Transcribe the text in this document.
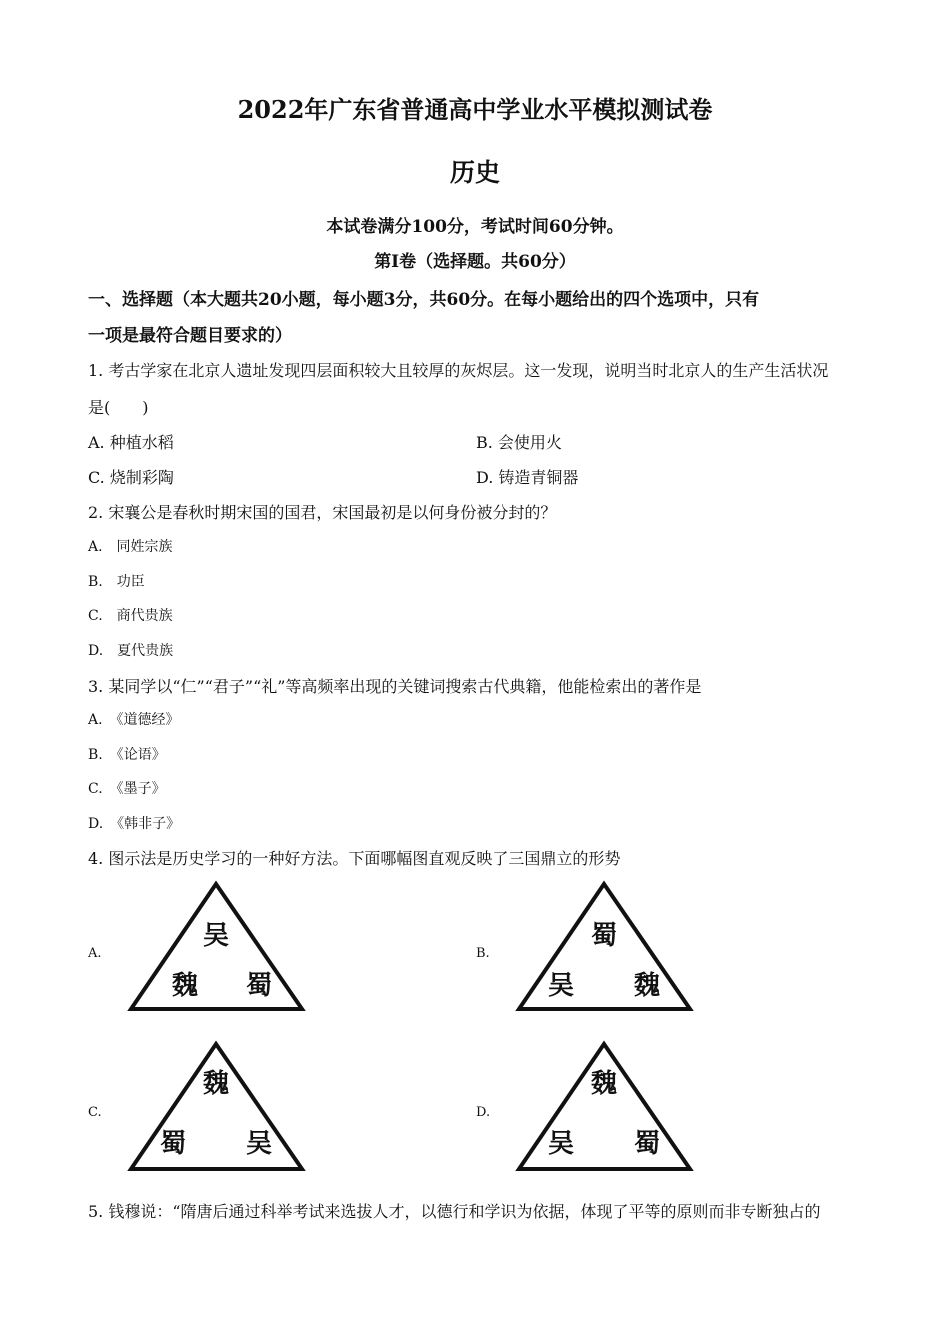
2022年广东省普通高中学业水平模拟测试卷
历史
本试卷满分100分，考试时间60分钟。
第Ⅰ卷（选择题。共60分）
一、选择题（本大题共20小题，每小题3分，共60分。在每小题给出的四个选项中，只有
一项是最符合题目要求的）
1. 考古学家在北京人遗址发现四层面积较大且较厚的灰烬层。这一发现，说明当时北京人的生产生活状况
是(　　)
A. 种植水稻	B. 会使用火
C. 烧制彩陶	D. 铸造青铜器
2. 宋襄公是春秋时期宋国的国君，宋国最初是以何身份被分封的？
A.　同姓宗族
B.　功臣
C.　商代贵族
D.　夏代贵族
3. 某同学以“仁”“君子”“礼”等高频率出现的关键词搜索古代典籍，他能检索出的著作是
A.　《道德经》
B.　《论语》
C.　《墨子》
D.　《韩非子》
4. 图示法是历史学习的一种好方法。下面哪幅图直观反映了三国鼎立的形势
A.
吴
魏 蜀
B.
蜀
吴 魏
C.
魏
蜀 吴
D.
魏
吴 蜀
5. 钱穆说：“隋唐后通过科举考试来选拔人才，以德行和学识为依据，体现了平等的原则而非专断独占的
